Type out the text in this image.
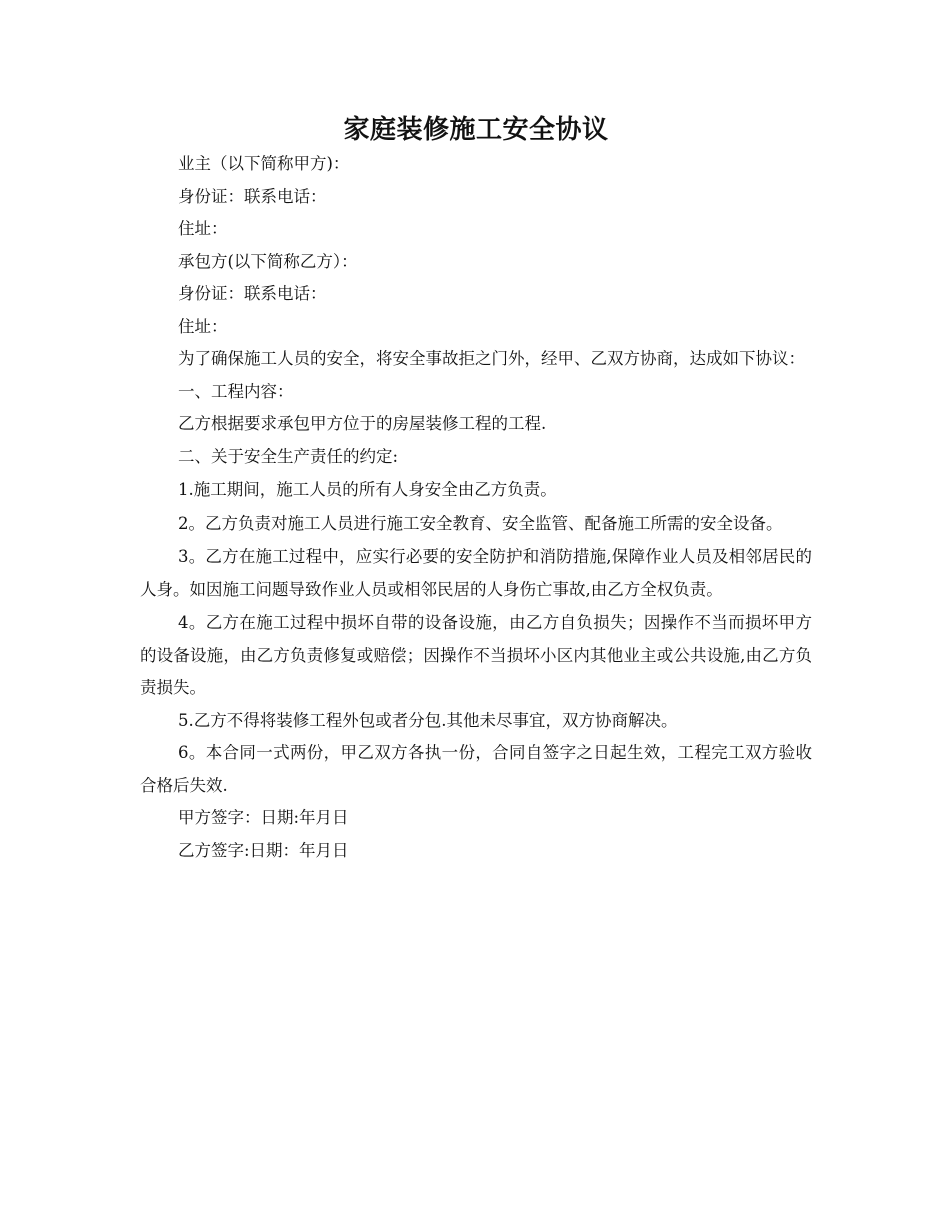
家庭装修施工安全协议

业主（以下简称甲方)：

身份证：联系电话：

住址：

承包方(以下简称乙方）：

身份证：联系电话：

住址：

为了确保施工人员的安全，将安全事故拒之门外，经甲、乙双方协商，达成如下协议：

一、工程内容：

乙方根据要求承包甲方位于的房屋装修工程的工程.

二、关于安全生产责任的约定:

1.施工期间，施工人员的所有人身安全由乙方负责。

2。乙方负责对施工人员进行施工安全教育、安全监管、配备施工所需的安全设备。

3。乙方在施工过程中，应实行必要的安全防护和消防措施,保障作业人员及相邻居民的人身。如因施工问题导致作业人员或相邻民居的人身伤亡事故,由乙方全权负责。

4。乙方在施工过程中损坏自带的设备设施，由乙方自负损失；因操作不当而损坏甲方的设备设施，由乙方负责修复或赔偿；因操作不当损坏小区内其他业主或公共设施,由乙方负责损失。

5.乙方不得将装修工程外包或者分包.其他未尽事宜，双方协商解决。

6。本合同一式两份，甲乙双方各执一份，合同自签字之日起生效，工程完工双方验收合格后失效.

甲方签字：日期:年月日

乙方签字:日期：年月日
